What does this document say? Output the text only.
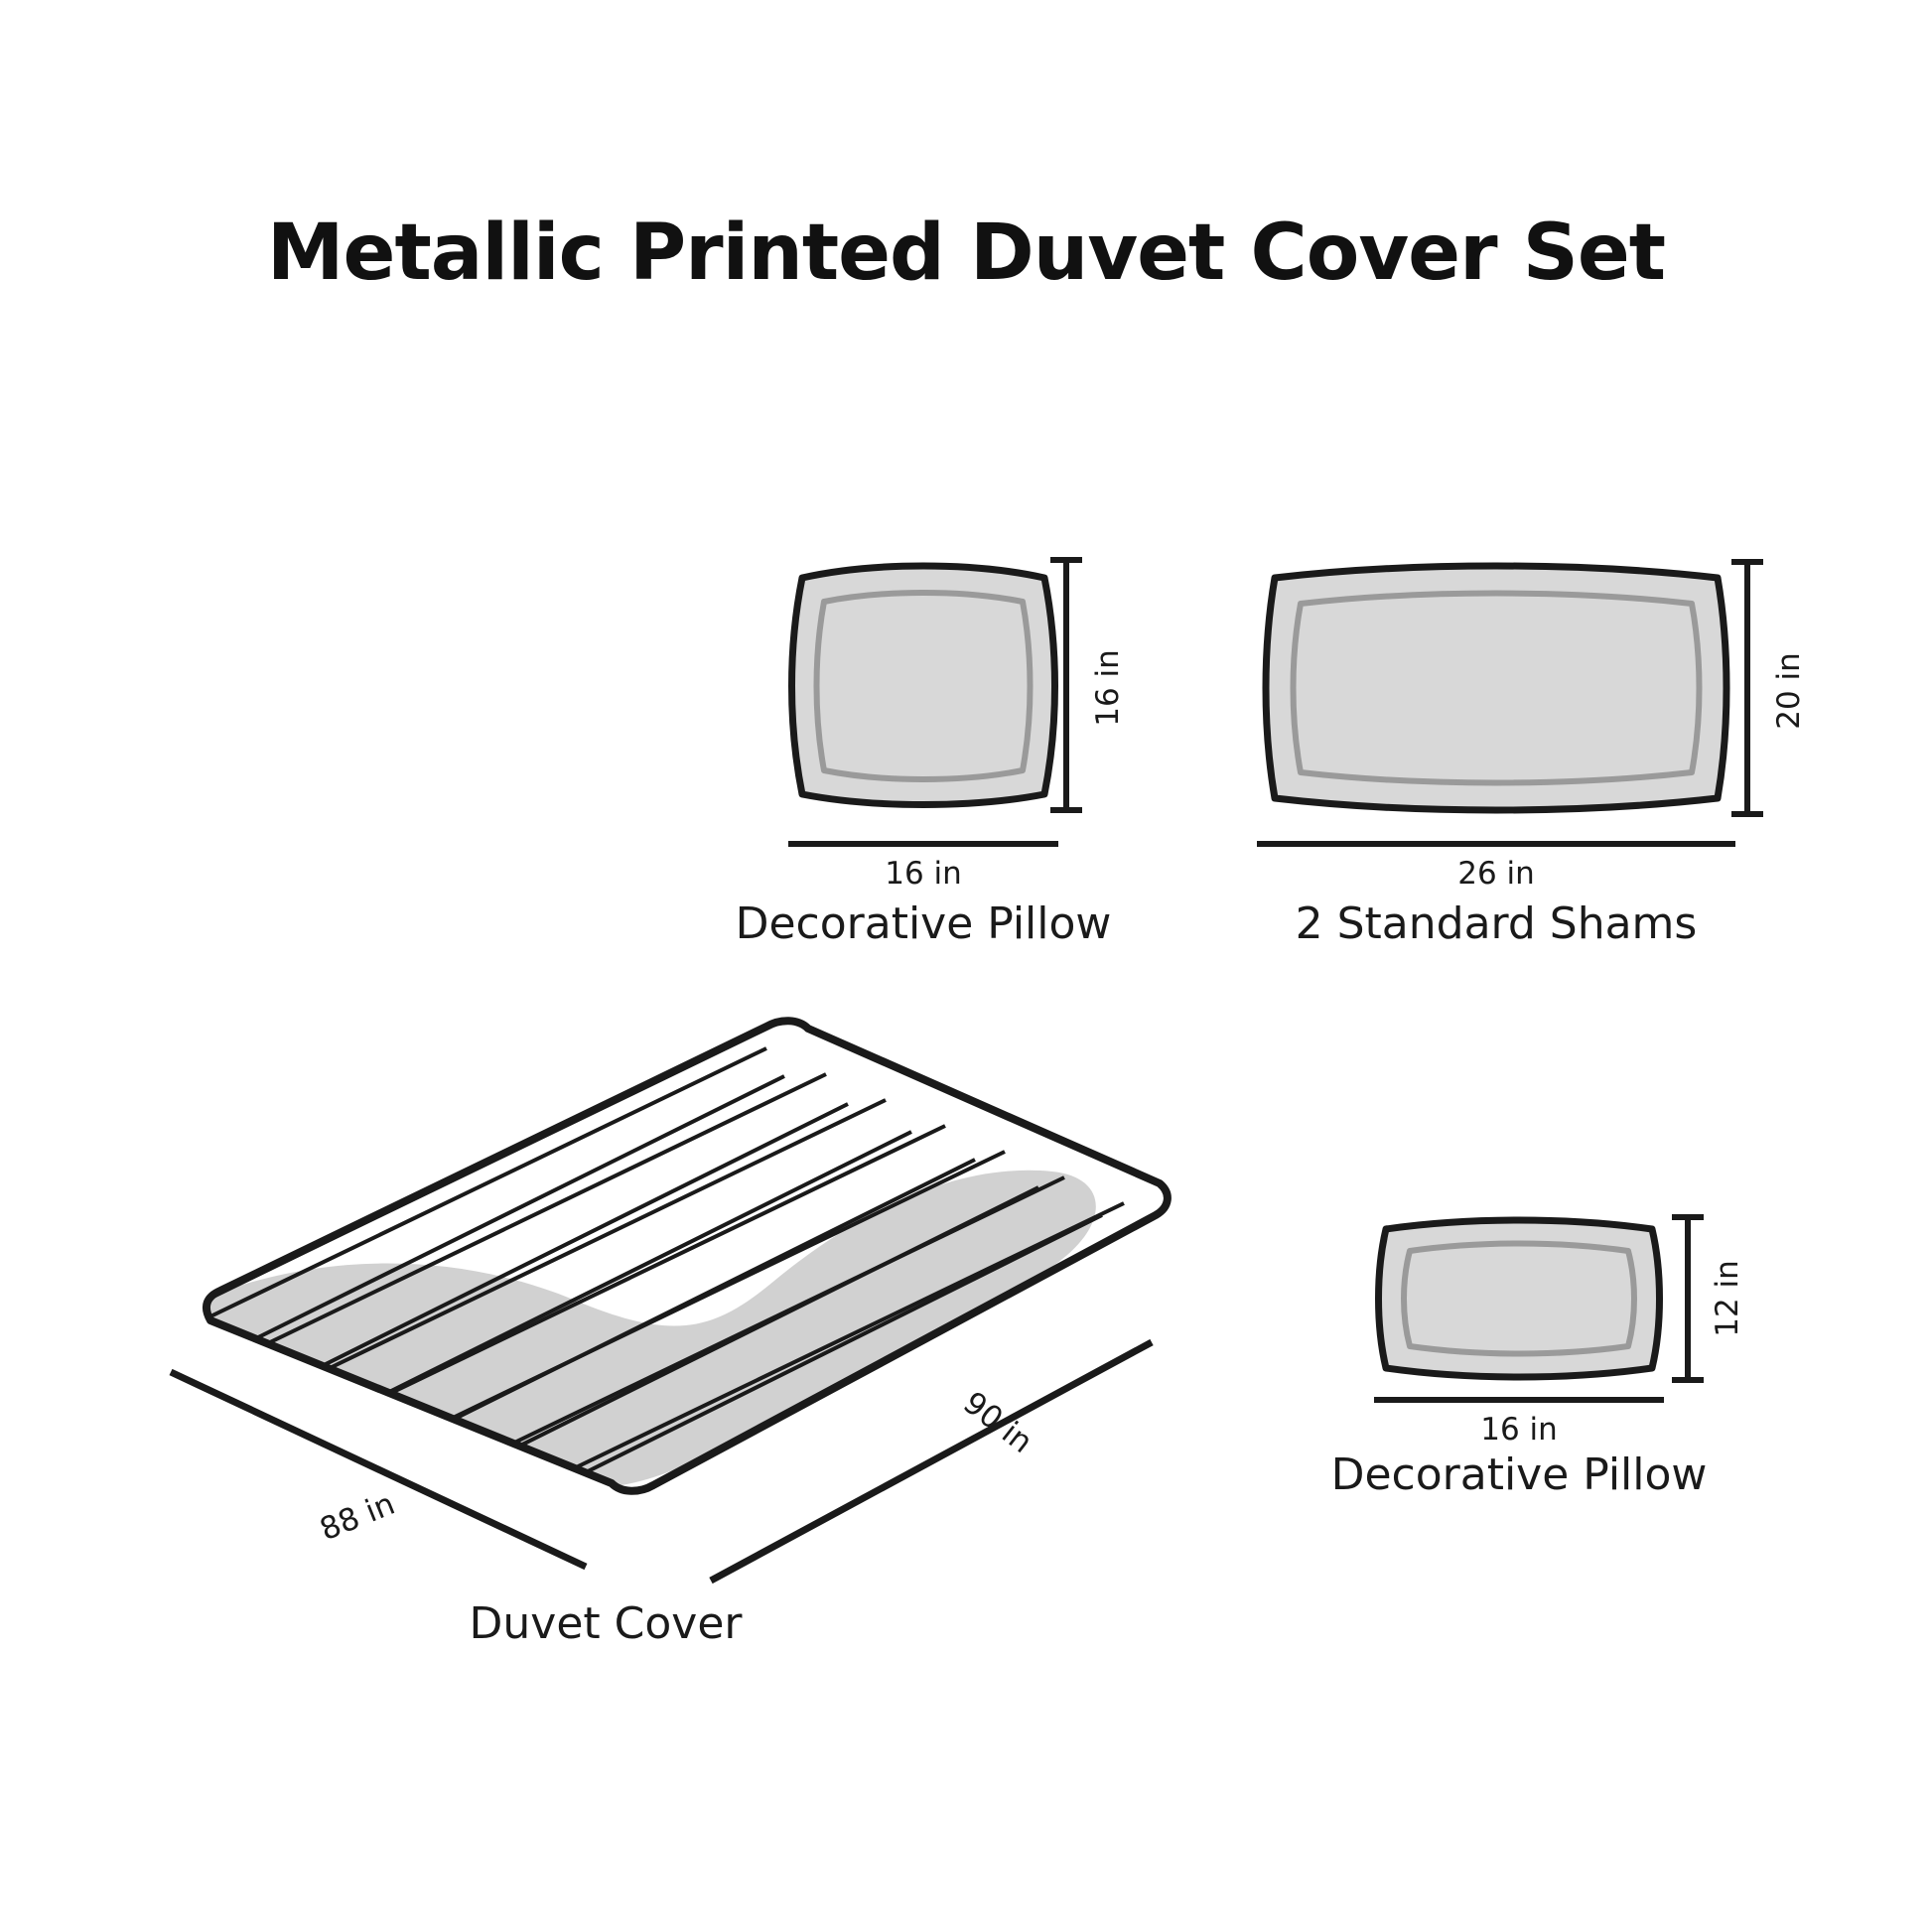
Metallic Printed Duvet Cover Set
16 in
16 in
Decorative Pillow
20 in
26 in
2 Standard Shams
88 in
90 in
Duvet Cover
12 in
16 in
Decorative Pillow
